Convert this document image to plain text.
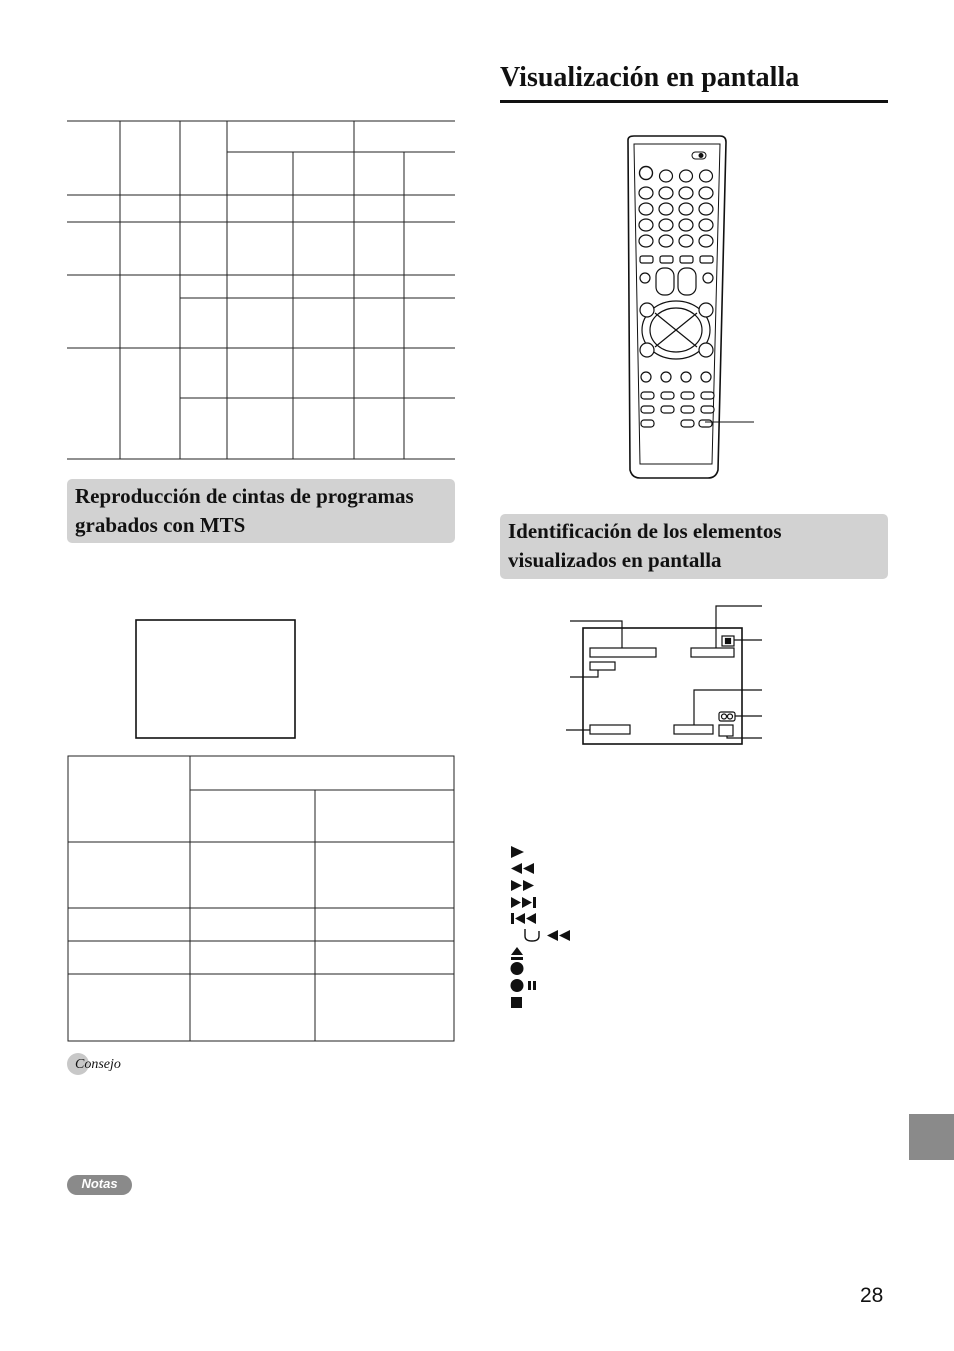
Visualización en pantalla
Reproducción de cintas de programas grabados con MTS	Identificación de los elementos visualizados en pantalla
Consejo
Notas
28
